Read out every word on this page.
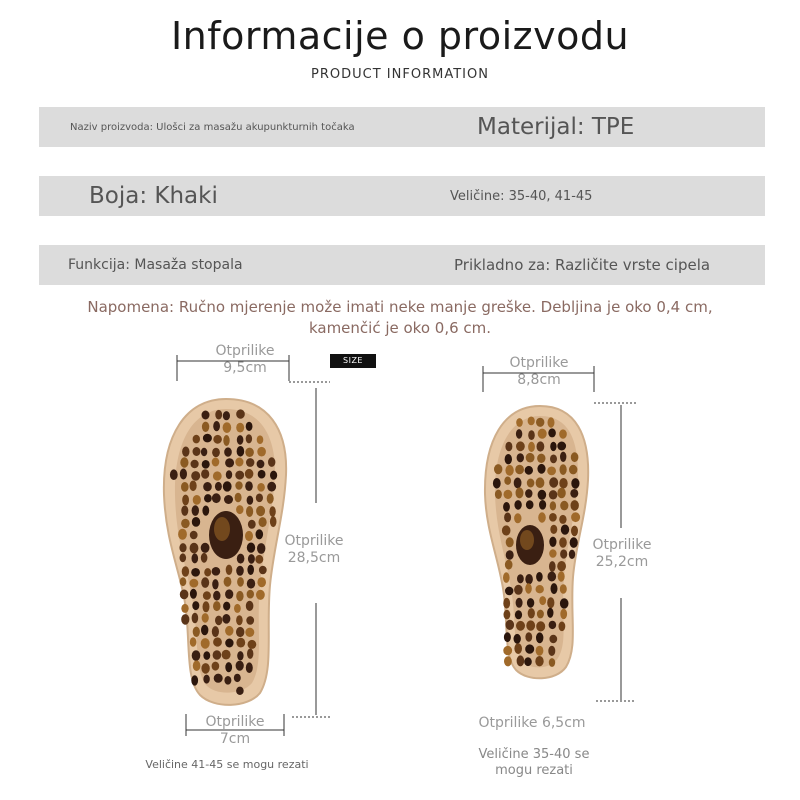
Informacije o proizvodu
PRODUCT INFORMATION
Naziv proizvoda: Ulošci za masažu akupunkturnih točaka	Materijal: TPE
Boja: Khaki	Veličine: 35-40, 41-45
Funkcija: Masaža stopala	Prikladno za: Različite vrste cipela
Napomena: Ručno mjerenje može imati neke manje greške. Debljina je oko 0,4 cm,
kamenčić je oko 0,6 cm.
SIZE
Otprilike
9,5cm
Otprilike
28,5cm
Otprilike
7cm
Veličine 41-45 se mogu rezati
Otprilike
8,8cm
Otprilike
25,2cm
Otprilike 6,5cm
Veličine 35-40 se
mogu rezati
